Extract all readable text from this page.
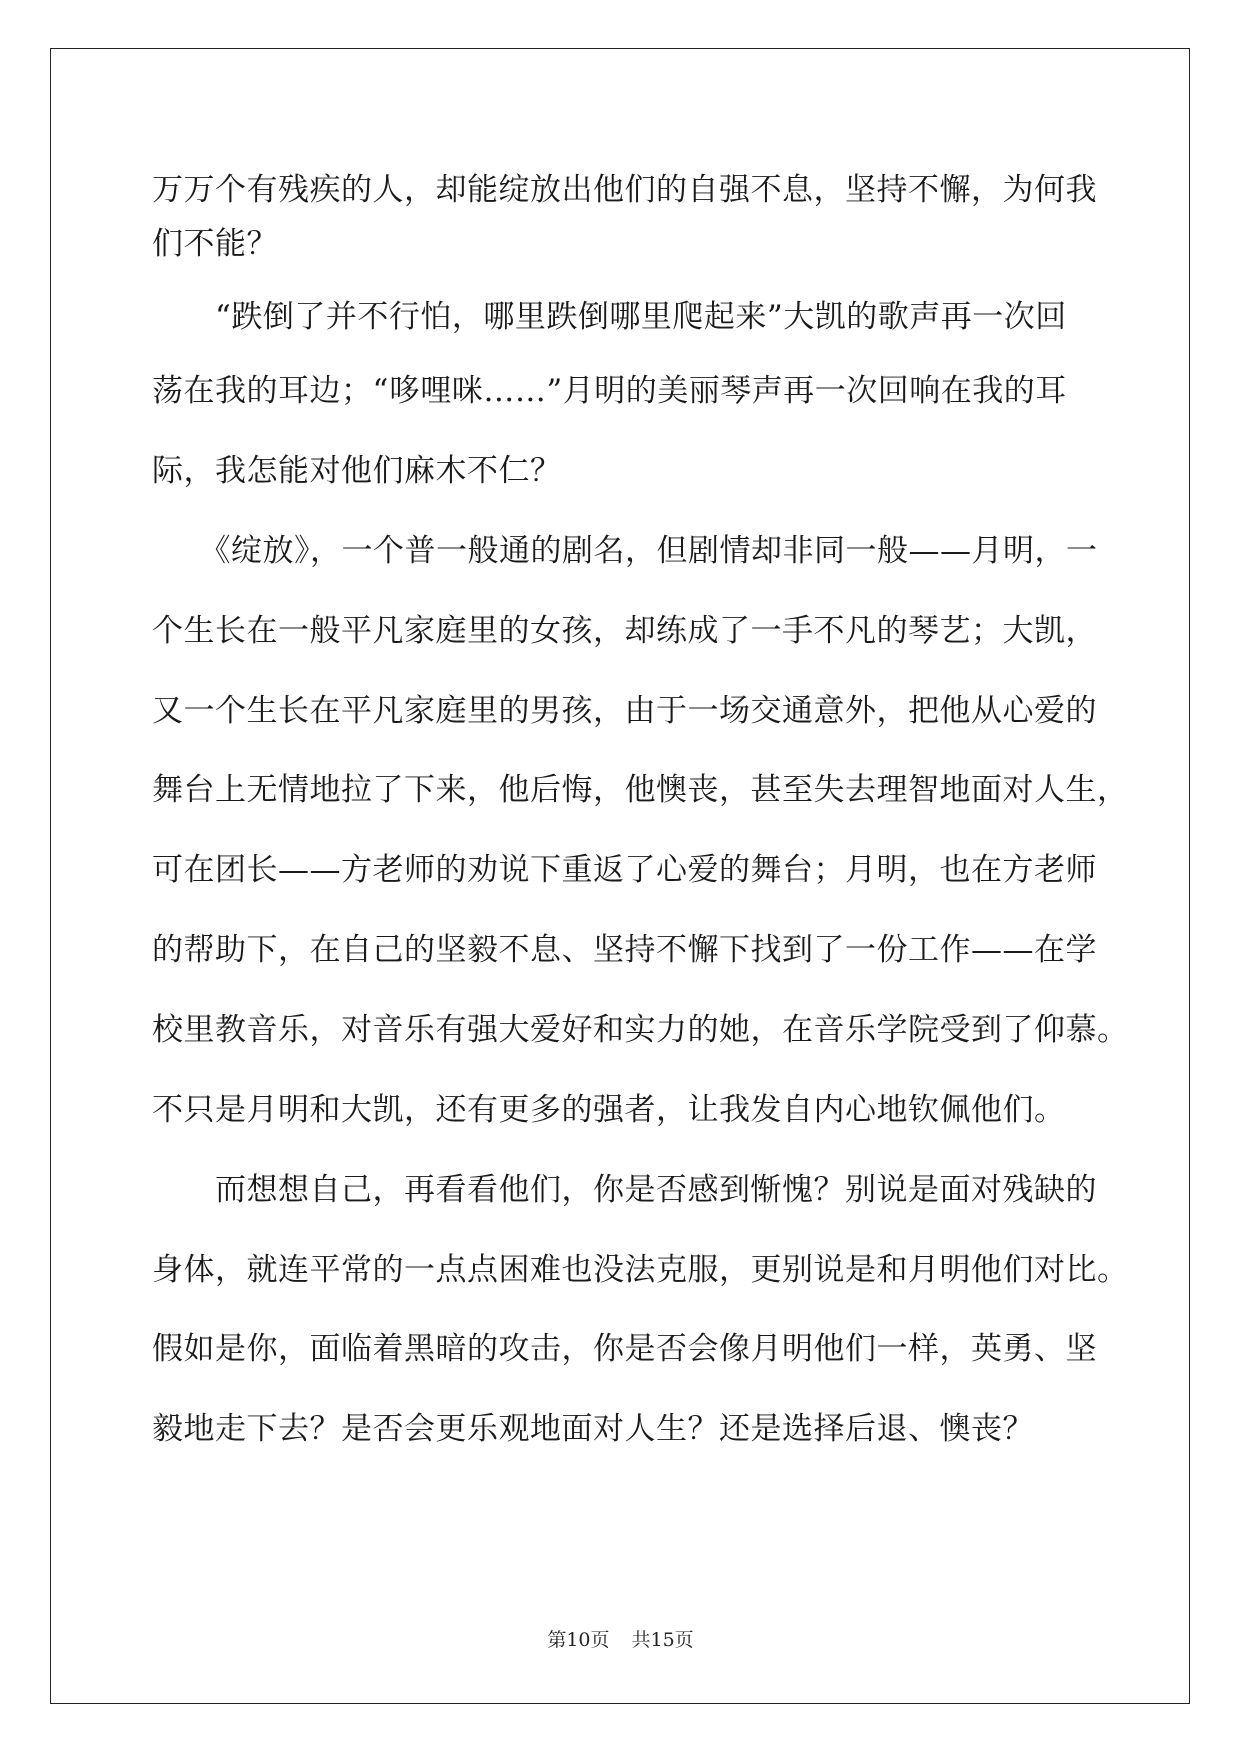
万万个有残疾的人，却能绽放出他们的自强不息，坚持不懈，为何我
们不能？
　　“跌倒了并不行怕，哪里跌倒哪里爬起来”大凯的歌声再一次回
荡在我的耳边；“哆哩咪……”月明的美丽琴声再一次回响在我的耳
际，我怎能对他们麻木不仁？
　　《绽放》，一个普一般通的剧名，但剧情却非同一般——月明，一
个生长在一般平凡家庭里的女孩，却练成了一手不凡的琴艺；大凯，
又一个生长在平凡家庭里的男孩，由于一场交通意外，把他从心爱的
舞台上无情地拉了下来，他后悔，他懊丧，甚至失去理智地面对人生，
可在团长——方老师的劝说下重返了心爱的舞台；月明，也在方老师
的帮助下，在自己的坚毅不息、坚持不懈下找到了一份工作——在学
校里教音乐，对音乐有强大爱好和实力的她，在音乐学院受到了仰慕。
不只是月明和大凯，还有更多的强者，让我发自内心地钦佩他们。
　　而想想自己，再看看他们，你是否感到惭愧？别说是面对残缺的
身体，就连平常的一点点困难也没法克服，更别说是和月明他们对比。
假如是你，面临着黑暗的攻击，你是否会像月明他们一样，英勇、坚
毅地走下去？是否会更乐观地面对人生？还是选择后退、懊丧？
第10页 共15页
